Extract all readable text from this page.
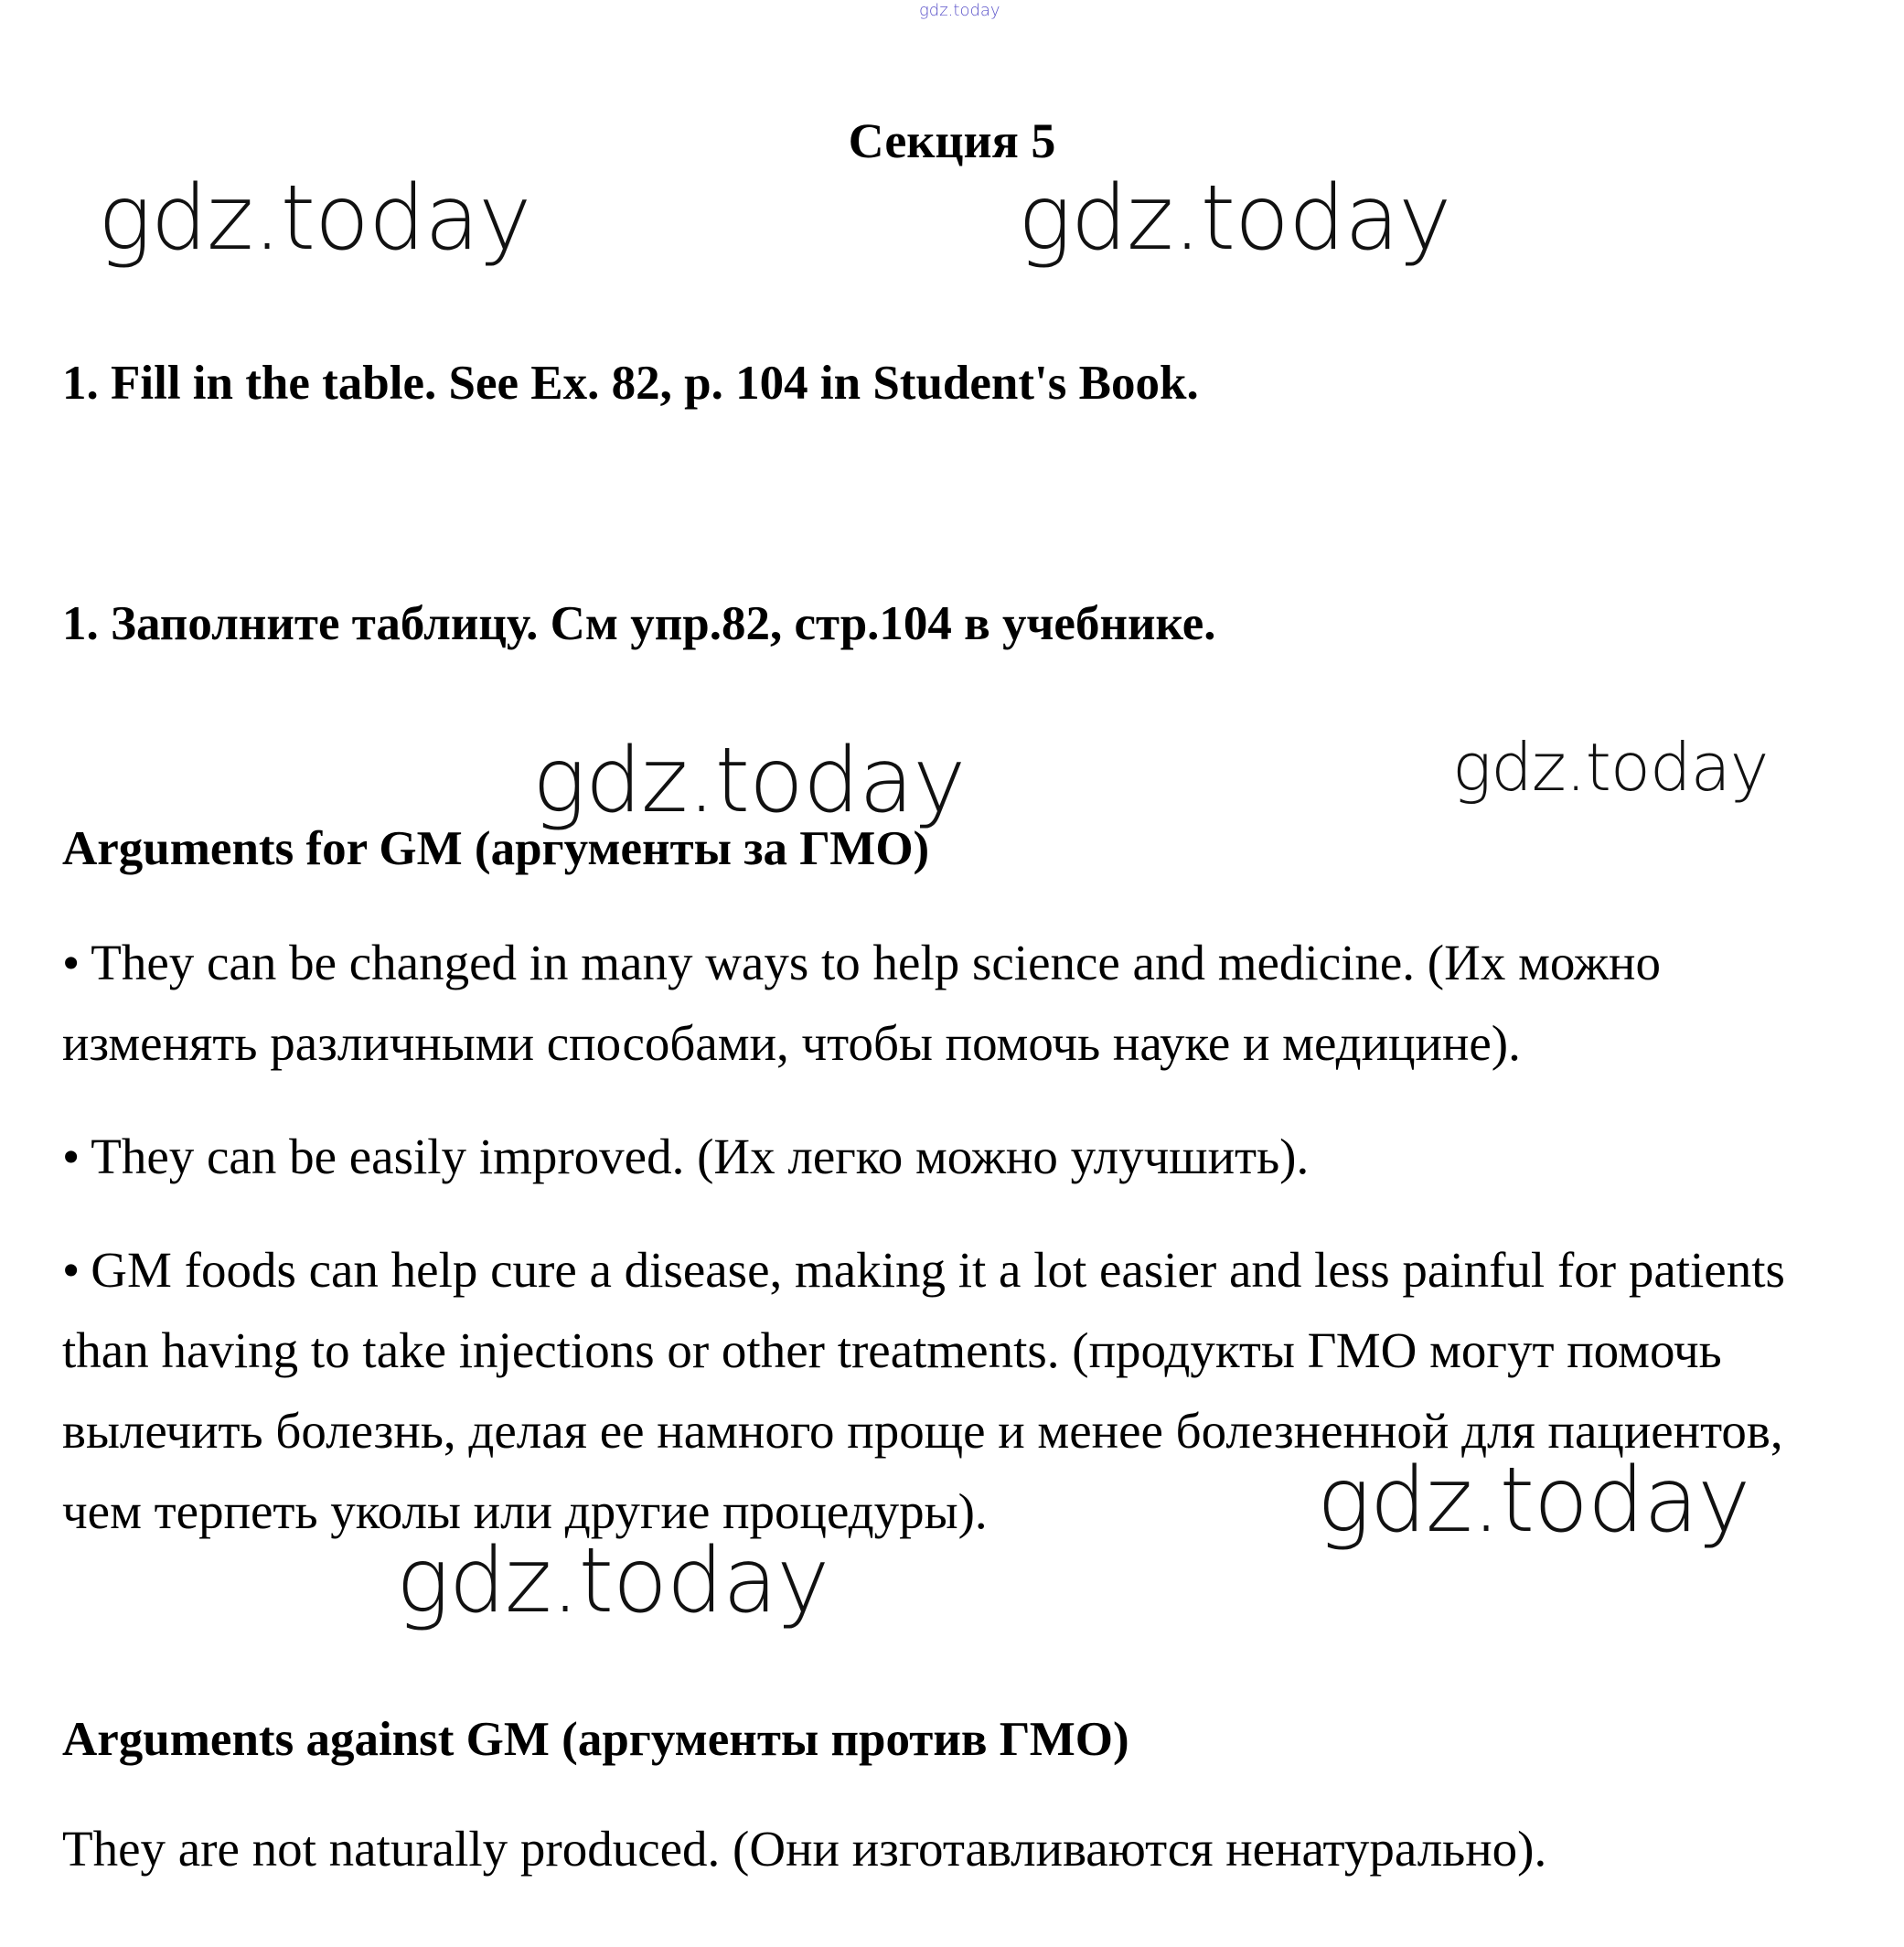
gdz.today
gdz.today	gdz.today
gdz.today	gdz.today
gdz.today
gdz.today
Секция 5
1. Fill in the table. See Ex. 82, p. 104 in Student's Book.
1. Заполните таблицу. См упр.82, стр.104 в учебнике.
Arguments for GM (аргументы за ГМО)
• They can be changed in many ways to help science and medicine. (Их можно изменять различными способами, чтобы помочь науке и медицине).
• They can be easily improved. (Их легко можно улучшить).
• GM foods can help cure a disease, making it a lot easier and less painful for patients than having to take injections or other treatments. (продукты ГМО могут помочь вылечить болезнь, делая ее намного проще и менее болезненной для пациентов, чем терпеть уколы или другие процедуры).
Arguments against GM (аргументы против ГМО)
They are not naturally produced. (Они изготавливаются ненатурально).
